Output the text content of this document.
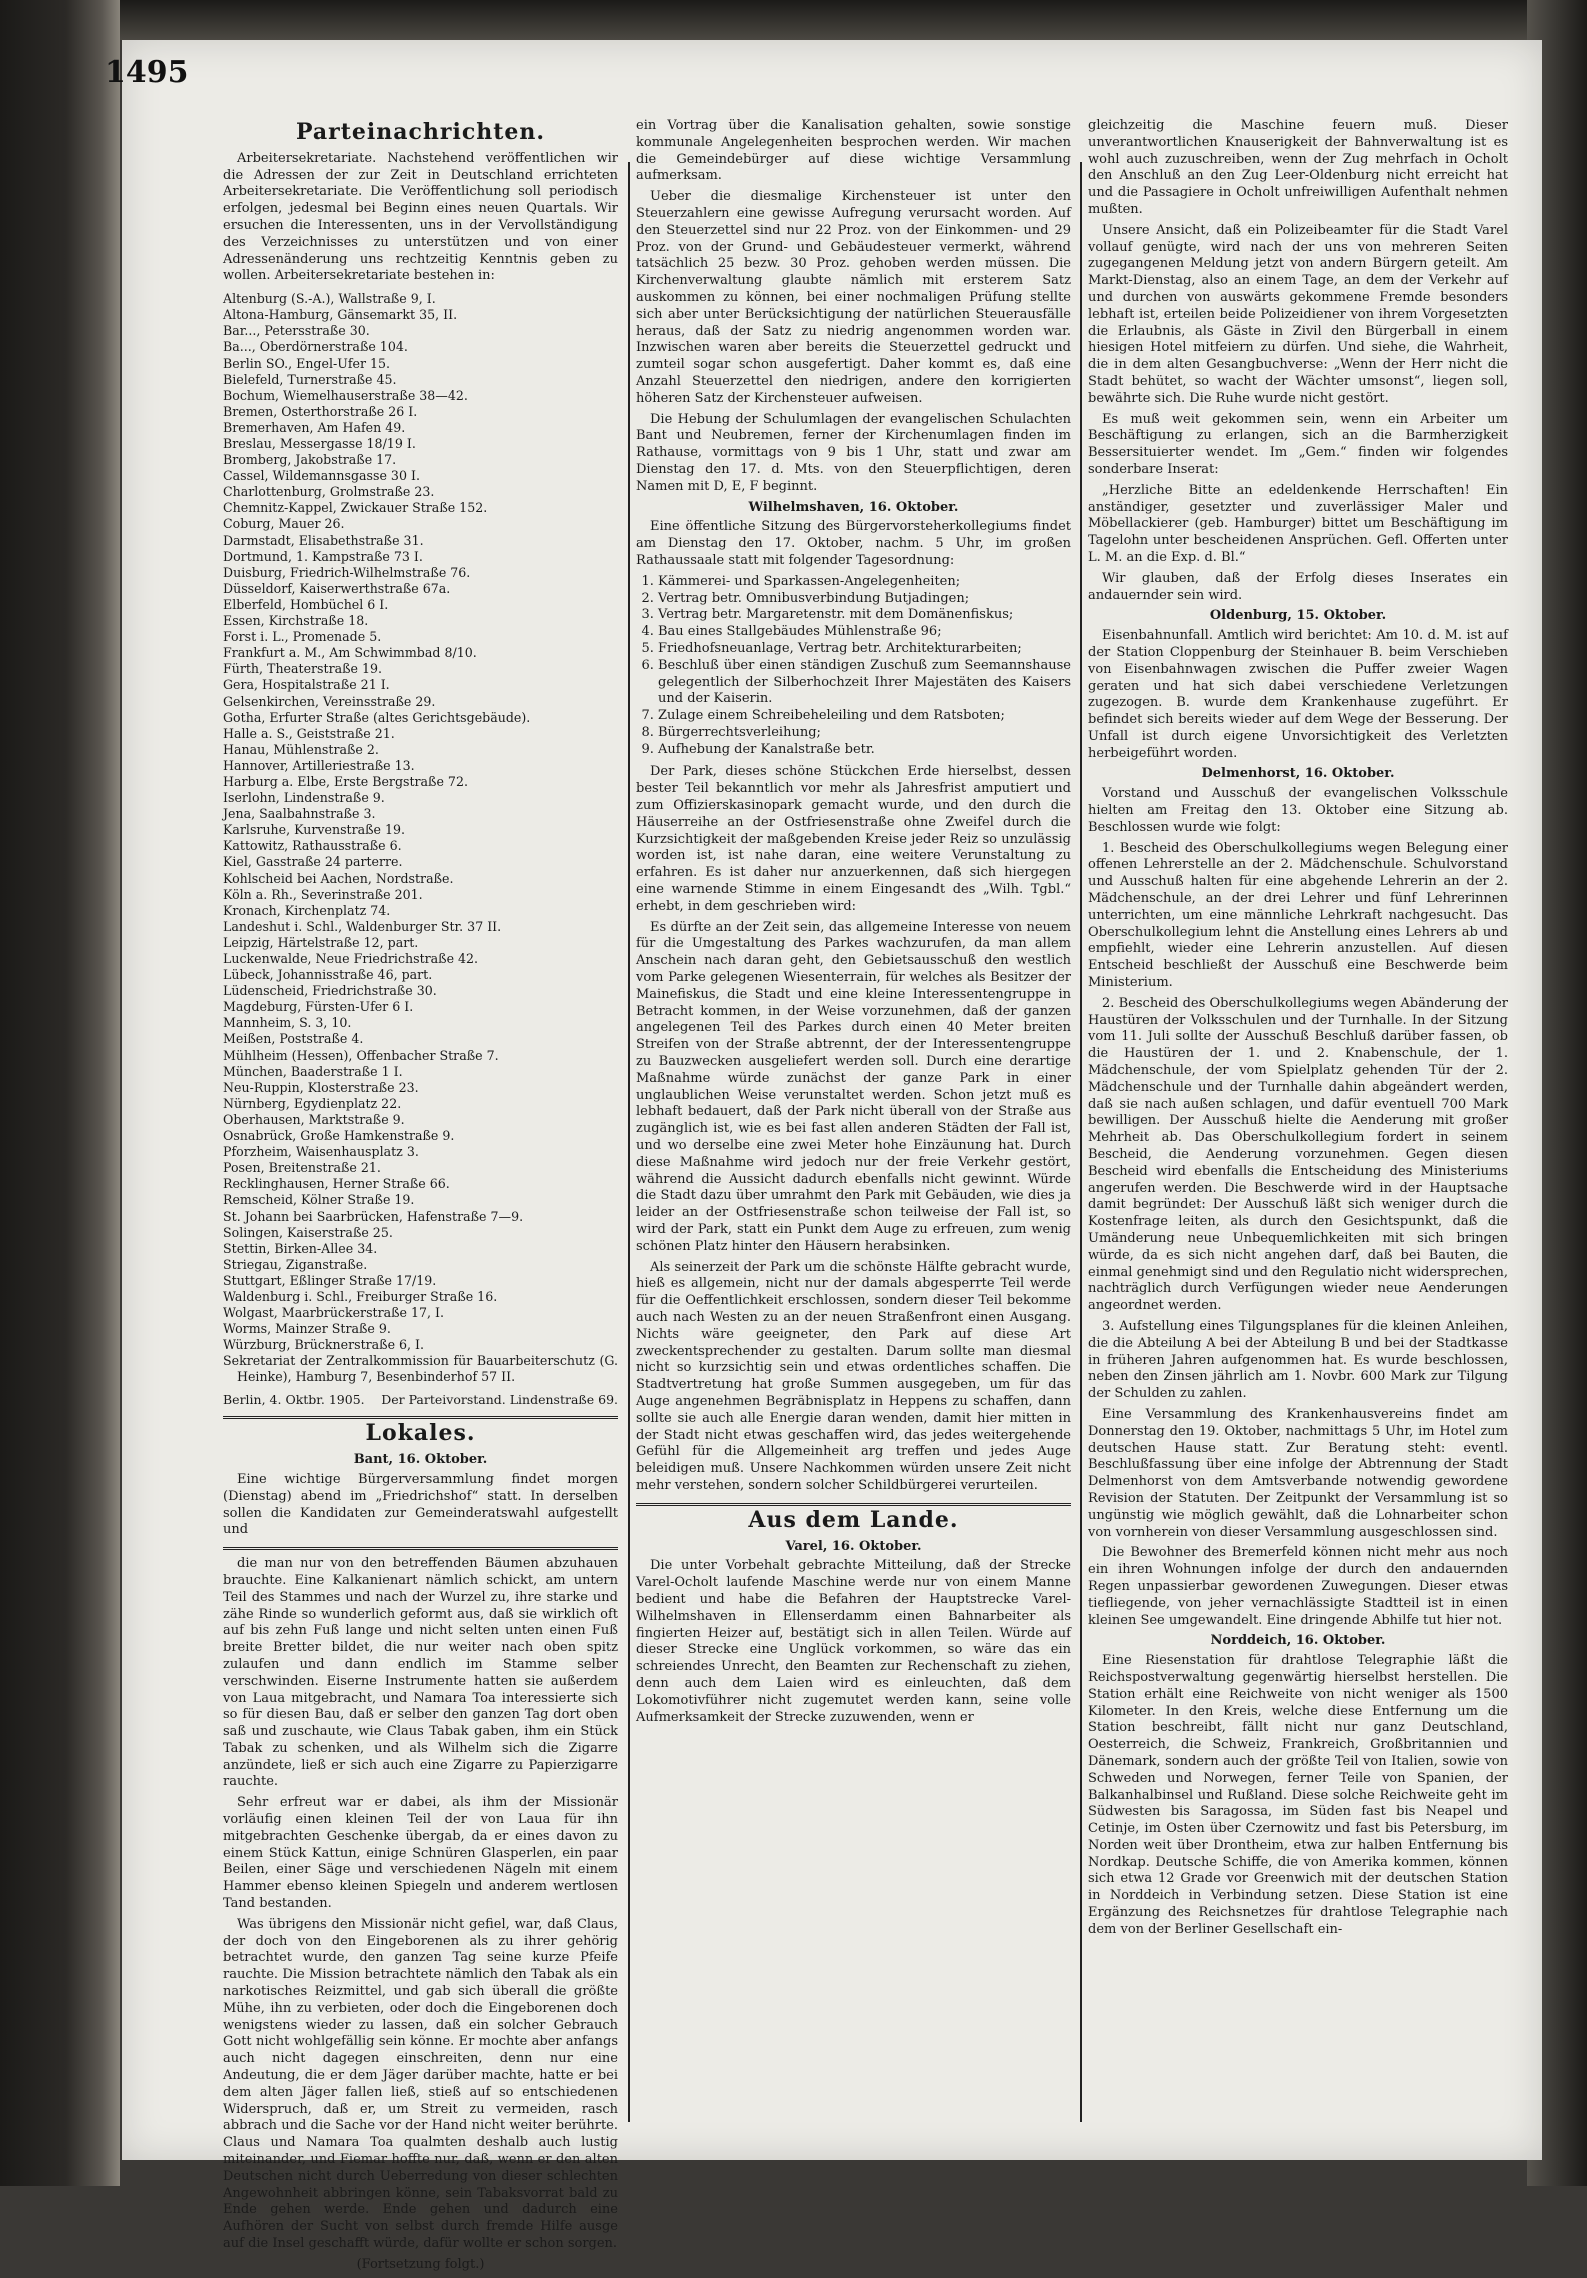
1495
Parteinachrichten.

Arbeitersekretariate. Nachstehend veröffentlichen wir die Adressen der zur Zeit in Deutschland errichteten Arbeitersekretariate. Die Veröffentlichung soll periodisch erfolgen, jedesmal bei Beginn eines neuen Quartals. Wir ersuchen die Interessenten, uns in der Vervollständigung des Verzeichnisses zu unterstützen und von einer Adressenänderung uns rechtzeitig Kenntnis geben zu wollen. Arbeitersekretariate bestehen in:

Altenburg (S.-A.), Wallstraße 9, I.
Altona-Hamburg, Gänsemarkt 35, II.
Bar..., Petersstraße 30.
Ba..., Oberdörnerstraße 104.
Berlin SO., Engel-Ufer 15.
Bielefeld, Turnerstraße 45.
Bochum, Wiemelhauserstraße 38—42.
Bremen, Osterthorstraße 26 I.
Bremerhaven, Am Hafen 49.
Breslau, Messergasse 18/19 I.
Bromberg, Jakobstraße 17.
Cassel, Wildemannsgasse 30 I.
Charlottenburg, Grolmstraße 23.
Chemnitz-Kappel, Zwickauer Straße 152.
Coburg, Mauer 26.
Darmstadt, Elisabethstraße 31.
Dortmund, 1. Kampstraße 73 I.
Duisburg, Friedrich-Wilhelmstraße 76.
Düsseldorf, Kaiserwerthstraße 67a.
Elberfeld, Hombüchel 6 I.
Essen, Kirchstraße 18.
Forst i. L., Promenade 5.
Frankfurt a. M., Am Schwimmbad 8/10.
Fürth, Theaterstraße 19.
Gera, Hospitalstraße 21 I.
Gelsenkirchen, Vereinsstraße 29.
Gotha, Erfurter Straße (altes Gerichtsgebäude).
Halle a. S., Geiststraße 21.
Hanau, Mühlenstraße 2.
Hannover, Artilleriestraße 13.
Harburg a. Elbe, Erste Bergstraße 72.
Iserlohn, Lindenstraße 9.
Jena, Saalbahnstraße 3.
Karlsruhe, Kurvenstraße 19.
Kattowitz, Rathausstraße 6.
Kiel, Gasstraße 24 parterre.
Kohlscheid bei Aachen, Nordstraße.
Köln a. Rh., Severinstraße 201.
Kronach, Kirchenplatz 74.
Landeshut i. Schl., Waldenburger Str. 37 II.
Leipzig, Härtelstraße 12, part.
Luckenwalde, Neue Friedrichstraße 42.
Lübeck, Johannisstraße 46, part.
Lüdenscheid, Friedrichstraße 30.
Magdeburg, Fürsten-Ufer 6 I.
Mannheim, S. 3, 10.
Meißen, Poststraße 4.
Mühlheim (Hessen), Offenbacher Straße 7.
München, Baaderstraße 1 I.
Neu-Ruppin, Klosterstraße 23.
Nürnberg, Egydienplatz 22.
Oberhausen, Marktstraße 9.
Osnabrück, Große Hamkenstraße 9.
Pforzheim, Waisenhausplatz 3.
Posen, Breitenstraße 21.
Recklinghausen, Herner Straße 66.
Remscheid, Kölner Straße 19.
St. Johann bei Saarbrücken, Hafenstraße 7—9.
Solingen, Kaiserstraße 25.
Stettin, Birken-Allee 34.
Striegau, Ziganstraße.
Stuttgart, Eßlinger Straße 17/19.
Waldenburg i. Schl., Freiburger Straße 16.
Wolgast, Maarbrückerstraße 17, I.
Worms, Mainzer Straße 9.
Würzburg, Brücknerstraße 6, I.
Sekretariat der Zentralkommission für Bauarbeiterschutz (G. Heinke), Hamburg 7, Besenbinderhof 57 II.
Berlin, 4. Oktbr. 1905. Der Parteivorstand. Lindenstraße 69.
Lokales.

Bant, 16. Oktober.

Eine wichtige Bürgerversammlung findet morgen (Dienstag) abend im „Friedrichshof“ statt. In derselben sollen die Kandidaten zur Gemeinderatswahl aufgestellt und

die man nur von den betreffenden Bäumen abzuhauen brauchte. Eine Kalkanienart nämlich schickt, am untern Teil des Stammes und nach der Wurzel zu, ihre starke und zähe Rinde so wunderlich geformt aus, daß sie wirklich oft auf bis zehn Fuß lange und nicht selten unten einen Fuß breite Bretter bildet, die nur weiter nach oben spitz zulaufen und dann endlich im Stamme selber verschwinden. Eiserne Instrumente hatten sie außerdem von Laua mitgebracht, und Namara Toa interessierte sich so für diesen Bau, daß er selber den ganzen Tag dort oben saß und zuschaute, wie Claus Tabak gaben, ihm ein Stück Tabak zu schenken, und als Wilhelm sich die Zigarre anzündete, ließ er sich auch eine Zigarre zu Papierzigarre rauchte.

Sehr erfreut war er dabei, als ihm der Missionär vorläufig einen kleinen Teil der von Laua für ihn mitgebrachten Geschenke übergab, da er eines davon zu einem Stück Kattun, einige Schnüren Glasperlen, ein paar Beilen, einer Säge und verschiedenen Nägeln mit einem Hammer ebenso kleinen Spiegeln und anderem wertlosen Tand bestanden.

Was übrigens den Missionär nicht gefiel, war, daß Claus, der doch von den Eingeborenen als zu ihrer gehörig betrachtet wurde, den ganzen Tag seine kurze Pfeife rauchte. Die Mission betrachtete nämlich den Tabak als ein narkotisches Reizmittel, und gab sich überall die größte Mühe, ihn zu verbieten, oder doch die Eingeborenen doch wenigstens wieder zu lassen, daß ein solcher Gebrauch Gott nicht wohlgefällig sein könne. Er mochte aber anfangs auch nicht dagegen einschreiten, denn nur eine Andeutung, die er dem Jäger darüber machte, hatte er bei dem alten Jäger fallen ließ, stieß auf so entschiedenen Widerspruch, daß er, um Streit zu vermeiden, rasch abbrach und die Sache vor der Hand nicht weiter berührte. Claus und Namara Toa qualmten deshalb auch lustig miteinander, und Fiemar hoffte nur, daß, wenn er den alten Deutschen nicht durch Ueberredung von dieser schlechten Angewohnheit abbringen könne, sein Tabaksvorrat bald zu Ende gehen werde. Ende gehen und dadurch eine Aufhören der Sucht von selbst durch fremde Hilfe ausge auf die Insel geschafft würde, dafür wollte er schon sorgen.

(Fortsetzung folgt.)

ein Vortrag über die Kanalisation gehalten, sowie sonstige kommunale Angelegenheiten besprochen werden. Wir machen die Gemeindebürger auf diese wichtige Versammlung aufmerksam.

Ueber die diesmalige Kirchensteuer ist unter den Steuerzahlern eine gewisse Aufregung verursacht worden. Auf den Steuerzettel sind nur 22 Proz. von der Einkommen- und 29 Proz. von der Grund- und Gebäudesteuer vermerkt, während tatsächlich 25 bezw. 30 Proz. gehoben werden müssen. Die Kirchenverwaltung glaubte nämlich mit ersterem Satz auskommen zu können, bei einer nochmaligen Prüfung stellte sich aber unter Berücksichtigung der natürlichen Steuerausfälle heraus, daß der Satz zu niedrig angenommen worden war. Inzwischen waren aber bereits die Steuerzettel gedruckt und zumteil sogar schon ausgefertigt. Daher kommt es, daß eine Anzahl Steuerzettel den niedrigen, andere den korrigierten höheren Satz der Kirchensteuer aufweisen.

Die Hebung der Schulumlagen der evangelischen Schulachten Bant und Neubremen, ferner der Kirchenumlagen finden im Rathause, vormittags von 9 bis 1 Uhr, statt und zwar am Dienstag den 17. d. Mts. von den Steuerpflichtigen, deren Namen mit D, E, F beginnt.

Wilhelmshaven, 16. Oktober.

Eine öffentliche Sitzung des Bürgervorsteherkollegiums findet am Dienstag den 17. Oktober, nachm. 5 Uhr, im großen Rathaussaale statt mit folgender Tagesordnung:

1. Kämmerei- und Sparkassen-Angelegenheiten;
2. Vertrag betr. Omnibusverbindung Butjadingen;
3. Vertrag betr. Margaretenstr. mit dem Domänenfiskus;
4. Bau eines Stallgebäudes Mühlenstraße 96;
5. Friedhofsneuanlage, Vertrag betr. Architekturarbeiten;
6. Beschluß über einen ständigen Zuschuß zum Seemannshause gelegentlich der Silberhochzeit Ihrer Majestäten des Kaisers und der Kaiserin.
7. Zulage einem Schreibeheleiling und dem Ratsboten;
8. Bürgerrechtsverleihung;
9. Aufhebung der Kanalstraße betr.

Der Park, dieses schöne Stückchen Erde hierselbst, dessen bester Teil bekanntlich vor mehr als Jahresfrist amputiert und zum Offizierskasinopark gemacht wurde, und den durch die Häuserreihe an der Ostfriesenstraße ohne Zweifel durch die Kurzsichtigkeit der maßgebenden Kreise jeder Reiz so unzulässig worden ist, ist nahe daran, eine weitere Verunstaltung zu erfahren. Es ist daher nur anzuerkennen, daß sich hiergegen eine warnende Stimme in einem Eingesandt des „Wilh. Tgbl.“ erhebt, in dem geschrieben wird:

Es dürfte an der Zeit sein, das allgemeine Interesse von neuem für die Umgestaltung des Parkes wachzurufen, da man allem Anschein nach daran geht, den Gebietsausschuß den westlich vom Parke gelegenen Wiesenterrain, für welches als Besitzer der Mainefiskus, die Stadt und eine kleine Interessentengruppe in Betracht kommen, in der Weise vorzunehmen, daß der ganzen angelegenen Teil des Parkes durch einen 40 Meter breiten Streifen von der Straße abtrennt, der der Interessentengruppe zu Bauzwecken ausgeliefert werden soll. Durch eine derartige Maßnahme würde zunächst der ganze Park in einer unglaublichen Weise verunstaltet werden. Schon jetzt muß es lebhaft bedauert, daß der Park nicht überall von der Straße aus zugänglich ist, wie es bei fast allen anderen Städten der Fall ist, und wo derselbe eine zwei Meter hohe Einzäunung hat. Durch diese Maßnahme wird jedoch nur der freie Verkehr gestört, während die Aussicht dadurch ebenfalls nicht gewinnt. Würde die Stadt dazu über umrahmt den Park mit Gebäuden, wie dies ja leider an der Ostfriesenstraße schon teilweise der Fall ist, so wird der Park, statt ein Punkt dem Auge zu erfreuen, zum wenig schönen Platz hinter den Häusern herabsinken.

Als seinerzeit der Park um die schönste Hälfte gebracht wurde, hieß es allgemein, nicht nur der damals abgesperrte Teil werde für die Oeffentlichkeit erschlossen, sondern dieser Teil bekomme auch nach Westen zu an der neuen Straßenfront einen Ausgang. Nichts wäre geeigneter, den Park auf diese Art zweckentsprechender zu gestalten. Darum sollte man diesmal nicht so kurzsichtig sein und etwas ordentliches schaffen. Die Stadtvertretung hat große Summen ausgegeben, um für das Auge angenehmen Begräbnisplatz in Heppens zu schaffen, dann sollte sie auch alle Energie daran wenden, damit hier mitten in der Stadt nicht etwas geschaffen wird, das jedes weitergehende Gefühl für die Allgemeinheit arg treffen und jedes Auge beleidigen muß. Unsere Nachkommen würden unsere Zeit nicht mehr verstehen, sondern solcher Schildbürgerei verurteilen.

Aus dem Lande.

Varel, 16. Oktober.

Die unter Vorbehalt gebrachte Mitteilung, daß der Strecke Varel-Ocholt laufende Maschine werde nur von einem Manne bedient und habe die Befahren der Hauptstrecke Varel-Wilhelmshaven in Ellenserdamm einen Bahnarbeiter als fingierten Heizer auf, bestätigt sich in allen Teilen. Würde auf dieser Strecke eine Unglück vorkommen, so wäre das ein schreiendes Unrecht, den Beamten zur Rechenschaft zu ziehen, denn auch dem Laien wird es einleuchten, daß dem Lokomotivführer nicht zugemutet werden kann, seine volle Aufmerksamkeit der Strecke zuzuwenden, wenn er

gleichzeitig die Maschine feuern muß. Dieser unverantwortlichen Knauserigkeit der Bahnverwaltung ist es wohl auch zuzuschreiben, wenn der Zug mehrfach in Ocholt den Anschluß an den Zug Leer-Oldenburg nicht erreicht hat und die Passagiere in Ocholt unfreiwilligen Aufenthalt nehmen mußten.

Unsere Ansicht, daß ein Polizeibeamter für die Stadt Varel vollauf genügte, wird nach der uns von mehreren Seiten zugegangenen Meldung jetzt von andern Bürgern geteilt. Am Markt-Dienstag, also an einem Tage, an dem der Verkehr auf und durchen von auswärts gekommene Fremde besonders lebhaft ist, erteilen beide Polizeidiener von ihrem Vorgesetzten die Erlaubnis, als Gäste in Zivil den Bürgerball in einem hiesigen Hotel mitfeiern zu dürfen. Und siehe, die Wahrheit, die in dem alten Gesangbuchverse: „Wenn der Herr nicht die Stadt behütet, so wacht der Wächter umsonst“, liegen soll, bewährte sich. Die Ruhe wurde nicht gestört.

Es muß weit gekommen sein, wenn ein Arbeiter um Beschäftigung zu erlangen, sich an die Barmherzigkeit Bessersituierter wendet. Im „Gem.“ finden wir folgendes sonderbare Inserat:

„Herzliche Bitte an edeldenkende Herrschaften! Ein anständiger, gesetzter und zuverlässiger Maler und Möbellackierer (geb. Hamburger) bittet um Beschäftigung im Tagelohn unter bescheidenen Ansprüchen. Gefl. Offerten unter L. M. an die Exp. d. Bl.“

Wir glauben, daß der Erfolg dieses Inserates ein andauernder sein wird.

Oldenburg, 15. Oktober.

Eisenbahnunfall. Amtlich wird berichtet: Am 10. d. M. ist auf der Station Cloppenburg der Steinhauer B. beim Verschieben von Eisenbahnwagen zwischen die Puffer zweier Wagen geraten und hat sich dabei verschiedene Verletzungen zugezogen. B. wurde dem Krankenhause zugeführt. Er befindet sich bereits wieder auf dem Wege der Besserung. Der Unfall ist durch eigene Unvorsichtigkeit des Verletzten herbeigeführt worden.

Delmenhorst, 16. Oktober.

Vorstand und Ausschuß der evangelischen Volksschule hielten am Freitag den 13. Oktober eine Sitzung ab. Beschlossen wurde wie folgt:

1. Bescheid des Oberschulkollegiums wegen Belegung einer offenen Lehrerstelle an der 2. Mädchenschule. Schulvorstand und Ausschuß halten für eine abgehende Lehrerin an der 2. Mädchenschule, an der drei Lehrer und fünf Lehrerinnen unterrichten, um eine männliche Lehrkraft nachgesucht. Das Oberschulkollegium lehnt die Anstellung eines Lehrers ab und empfiehlt, wieder eine Lehrerin anzustellen. Auf diesen Entscheid beschließt der Ausschuß eine Beschwerde beim Ministerium.

2. Bescheid des Oberschulkollegiums wegen Abänderung der Haustüren der Volksschulen und der Turnhalle. In der Sitzung vom 11. Juli sollte der Ausschuß Beschluß darüber fassen, ob die Haustüren der 1. und 2. Knabenschule, der 1. Mädchenschule, der vom Spielplatz gehenden Tür der 2. Mädchenschule und der Turnhalle dahin abgeändert werden, daß sie nach außen schlagen, und dafür eventuell 700 Mark bewilligen. Der Ausschuß hielte die Aenderung mit großer Mehrheit ab. Das Oberschulkollegium fordert in seinem Bescheid, die Aenderung vorzunehmen. Gegen diesen Bescheid wird ebenfalls die Entscheidung des Ministeriums angerufen werden. Die Beschwerde wird in der Hauptsache damit begründet: Der Ausschuß läßt sich weniger durch die Kostenfrage leiten, als durch den Gesichtspunkt, daß die Umänderung neue Unbequemlichkeiten mit sich bringen würde, da es sich nicht angehen darf, daß bei Bauten, die einmal genehmigt sind und den Regulatio nicht widersprechen, nachträglich durch Verfügungen wieder neue Aenderungen angeordnet werden.

3. Aufstellung eines Tilgungsplanes für die kleinen Anleihen, die die Abteilung A bei der Abteilung B und bei der Stadtkasse in früheren Jahren aufgenommen hat. Es wurde beschlossen, neben den Zinsen jährlich am 1. Novbr. 600 Mark zur Tilgung der Schulden zu zahlen.

Eine Versammlung des Krankenhausvereins findet am Donnerstag den 19. Oktober, nachmittags 5 Uhr, im Hotel zum deutschen Hause statt. Zur Beratung steht: eventl. Beschlußfassung über eine infolge der Abtrennung der Stadt Delmenhorst von dem Amtsverbande notwendig gewordene Revision der Statuten. Der Zeitpunkt der Versammlung ist so ungünstig wie möglich gewählt, daß die Lohnarbeiter schon von vornherein von dieser Versammlung ausgeschlossen sind.

Die Bewohner des Bremerfeld können nicht mehr aus noch ein ihren Wohnungen infolge der durch den andauernden Regen unpassierbar gewordenen Zuwegungen. Dieser etwas tiefliegende, von jeher vernachlässigte Stadtteil ist in einen kleinen See umgewandelt. Eine dringende Abhilfe tut hier not.

Norddeich, 16. Oktober.

Eine Riesenstation für drahtlose Telegraphie läßt die Reichspostverwaltung gegenwärtig hierselbst herstellen. Die Station erhält eine Reichweite von nicht weniger als 1500 Kilometer. In den Kreis, welche diese Entfernung um die Station beschreibt, fällt nicht nur ganz Deutschland, Oesterreich, die Schweiz, Frankreich, Großbritannien und Dänemark, sondern auch der größte Teil von Italien, sowie von Schweden und Norwegen, ferner Teile von Spanien, der Balkanhalbinsel und Rußland. Diese solche Reichweite geht im Südwesten bis Saragossa, im Süden fast bis Neapel und Cetinje, im Osten über Czernowitz und fast bis Petersburg, im Norden weit über Drontheim, etwa zur halben Entfernung bis Nordkap. Deutsche Schiffe, die von Amerika kommen, können sich etwa 12 Grade vor Greenwich mit der deutschen Station in Norddeich in Verbindung setzen. Diese Station ist eine Ergänzung des Reichsnetzes für drahtlose Telegraphie nach dem von der Berliner Gesellschaft ein-
